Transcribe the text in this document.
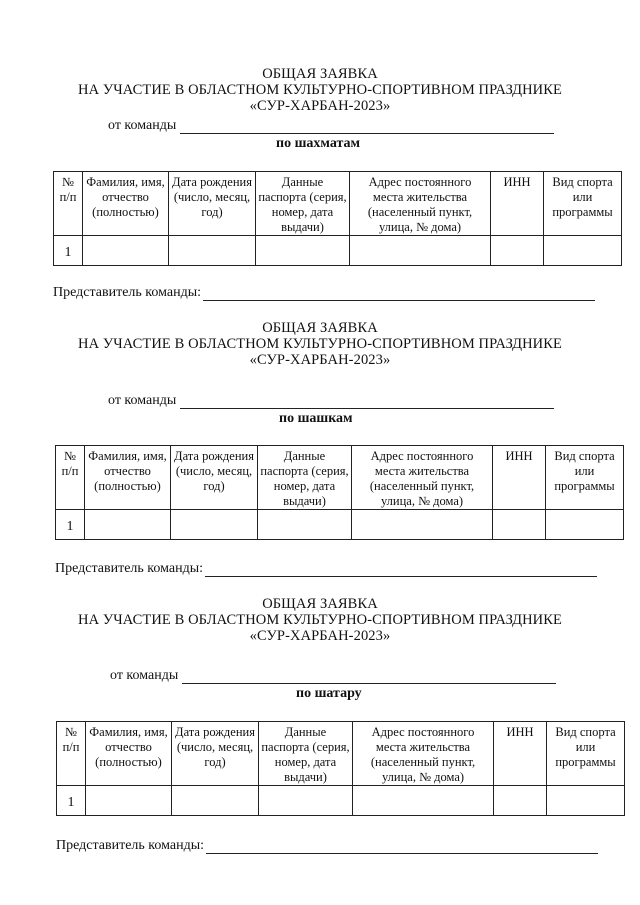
ОБЩАЯ ЗАЯВКА
НА УЧАСТИЕ В ОБЛАСТНОМ КУЛЬТУРНО-СПОРТИВНОМ ПРАЗДНИКЕ
«СУР-ХАРБАН-2023»
от команды
по шахматам
№ п/п	Фамилия, имя, отчество (полностью)	Дата рождения (число, месяц, год)	Данные паспорта (серия, номер, дата выдачи)	Адрес постоянного места жительства (населенный пункт, улица, № дома)	ИНН	Вид спорта или программы
1						
Представитель команды:
ОБЩАЯ ЗАЯВКА
НА УЧАСТИЕ В ОБЛАСТНОМ КУЛЬТУРНО-СПОРТИВНОМ ПРАЗДНИКЕ
«СУР-ХАРБАН-2023»
от команды
по шашкам
№ п/п	Фамилия, имя, отчество (полностью)	Дата рождения (число, месяц, год)	Данные паспорта (серия, номер, дата выдачи)	Адрес постоянного места жительства (населенный пункт, улица, № дома)	ИНН	Вид спорта или программы
1						
Представитель команды:
ОБЩАЯ ЗАЯВКА
НА УЧАСТИЕ В ОБЛАСТНОМ КУЛЬТУРНО-СПОРТИВНОМ ПРАЗДНИКЕ
«СУР-ХАРБАН-2023»
от команды
по шатару
№ п/п	Фамилия, имя, отчество (полностью)	Дата рождения (число, месяц, год)	Данные паспорта (серия, номер, дата выдачи)	Адрес постоянного места жительства (населенный пункт, улица, № дома)	ИНН	Вид спорта или программы
1						
Представитель команды:
